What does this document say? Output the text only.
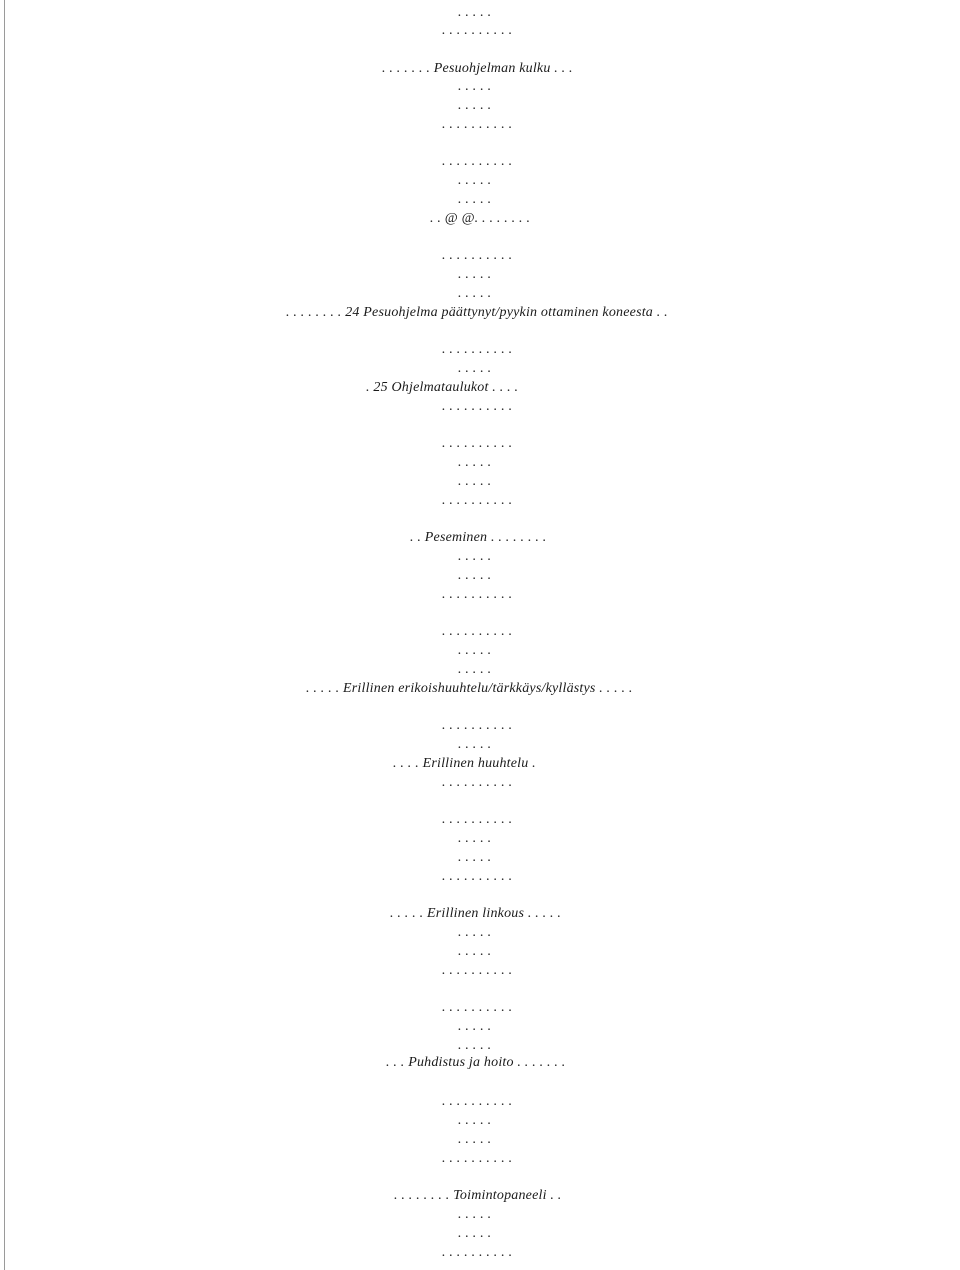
. . . . .
. . . . . . . . . .
. . . . . . . Pesuohjelman kulku . . .
. . . . .
. . . . .
. . . . . . . . . .
. . . . . . . . . .
. . . . .
. . . . .
. . @ @. . . . . . . .
. . . . . . . . . .
. . . . .
. . . . .
. . . . . . . . 24 Pesuohjelma päättynyt/pyykin ottaminen koneesta . .
. . . . . . . . . .
. . . . .
. 25 Ohjelmataulukot . . . .
. . . . . . . . . .
. . . . . . . . . .
. . . . .
. . . . .
. . . . . . . . . .
. . Peseminen . . . . . . . .
. . . . .
. . . . .
. . . . . . . . . .
. . . . . . . . . .
. . . . .
. . . . .
. . . . . Erillinen erikoishuuhtelu/tärkkäys/kyllästys . . . . .
. . . . . . . . . .
. . . . .
. . . . Erillinen huuhtelu .
. . . . . . . . . .
. . . . . . . . . .
. . . . .
. . . . .
. . . . . . . . . .
. . . . . Erillinen linkous . . . . .
. . . . .
. . . . .
. . . . . . . . . .
. . . . . . . . . .
. . . . .
. . . . .
. . . Puhdistus ja hoito . . . . . . .
. . . . . . . . . .
. . . . .
. . . . .
. . . . . . . . . .
. . . . . . . . Toimintopaneeli . .
. . . . .
. . . . .
. . . . . . . . . .
